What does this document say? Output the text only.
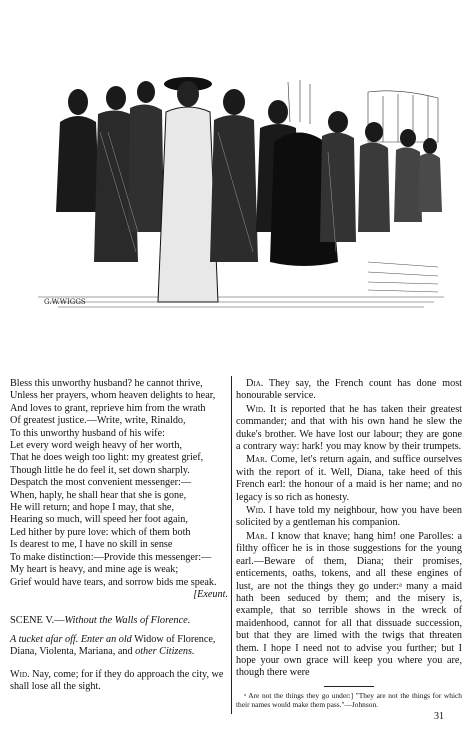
G.W.WIGGS
Bless this unworthy husband? he cannot thrive,
Unless her prayers, whom heaven delights to hear,
And loves to grant, reprieve him from the wrath
Of greatest justice.—Write, write, Rinaldo,
To this unworthy husband of his wife:
Let every word weigh heavy of her worth,
That he does weigh too light: my greatest grief,
Though little he do feel it, set down sharply.
Despatch the most convenient messenger:—
When, haply, he shall hear that she is gone,
He will return; and hope I may, that she,
Hearing so much, will speed her foot again,
Led hither by pure love: which of them both
Is dearest to me, I have no skill in sense
To make distinction:—Provide this messenger:—
My heart is heavy, and mine age is weak;
Grief would have tears, and sorrow bids me speak.
[Exeunt.
SCENE V.—Without the Walls of Florence.
A tucket afar off. Enter an old Widow of Florence, Diana, Violenta, Mariana, and other Citizens.
Wid. Nay, come; for if they do approach the city, we shall lose all the sight.
Dia. They say, the French count has done most honourable service.
Wid. It is reported that he has taken their greatest commander; and that with his own hand he slew the duke's brother. We have lost our labour; they are gone a contrary way: hark! you may know by their trumpets.
Mar. Come, let's return again, and suffice ourselves with the report of it. Well, Diana, take heed of this French earl: the honour of a maid is her name; and no legacy is so rich as honesty.
Wid. I have told my neighbour, how you have been solicited by a gentleman his companion.
Mar. I know that knave; hang him! one Parolles: a filthy officer he is in those suggestions for the young earl.—Beware of them, Diana; their promises, enticements, oaths, tokens, and all these engines of lust, are not the things they go under:ᵃ many a maid hath been seduced by them; and the misery is, example, that so terrible shows in the wreck of maidenhood, cannot for all that dissuade succession, but that they are limed with the twigs that threaten them. I hope I need not to advise you further; but I hope your own grace will keep you where you are, though there were
ᵃ Are not the things they go under:] "They are not the things for which their names would make them pass."—Johnson.
31
